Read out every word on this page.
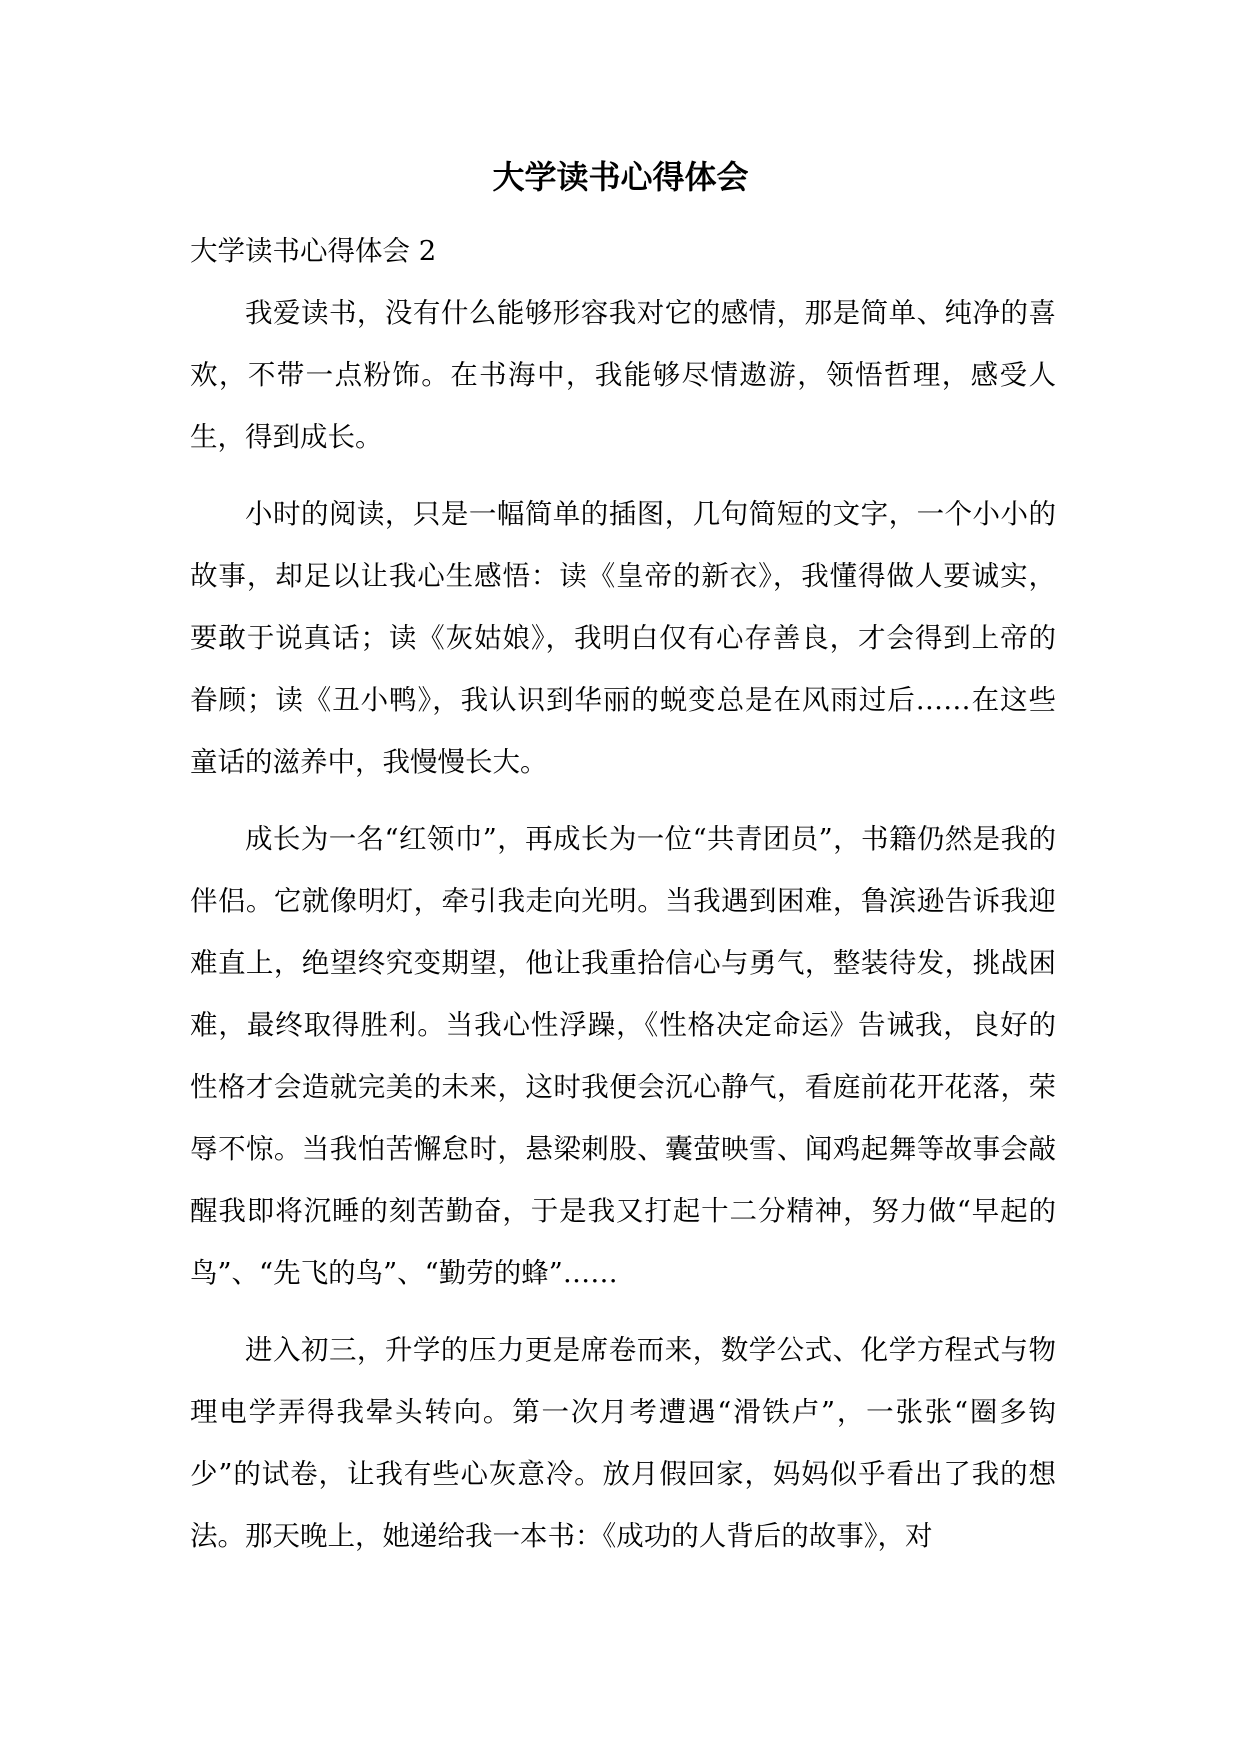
大学读书心得体会

大学读书心得体会 2

我爱读书，没有什么能够形容我对它的感情，那是简单、纯净的喜欢，不带一点粉饰。在书海中，我能够尽情遨游，领悟哲理，感受人生，得到成长。

小时的阅读，只是一幅简单的插图，几句简短的文字，一个小小的故事，却足以让我心生感悟：读《皇帝的新衣》，我懂得做人要诚实，要敢于说真话；读《灰姑娘》，我明白仅有心存善良，才会得到上帝的眷顾；读《丑小鸭》，我认识到华丽的蜕变总是在风雨过后……在这些童话的滋养中，我慢慢长大。

成长为一名“红领巾”，再成长为一位“共青团员”，书籍仍然是我的伴侣。它就像明灯，牵引我走向光明。当我遇到困难，鲁滨逊告诉我迎难直上，绝望终究变期望，他让我重拾信心与勇气，整装待发，挑战困难，最终取得胜利。当我心性浮躁，《性格决定命运》告诫我，良好的性格才会造就完美的未来，这时我便会沉心静气，看庭前花开花落，荣辱不惊。当我怕苦懈怠时，悬梁刺股、囊萤映雪、闻鸡起舞等故事会敲醒我即将沉睡的刻苦勤奋，于是我又打起十二分精神，努力做“早起的鸟”、“先飞的鸟”、“勤劳的蜂”……

进入初三，升学的压力更是席卷而来，数学公式、化学方程式与物理电学弄得我晕头转向。第一次月考遭遇“滑铁卢”，一张张“圈多钩少”的试卷，让我有些心灰意冷。放月假回家，妈妈似乎看出了我的想法。那天晚上，她递给我一本书：《成功的人背后的故事》，对
